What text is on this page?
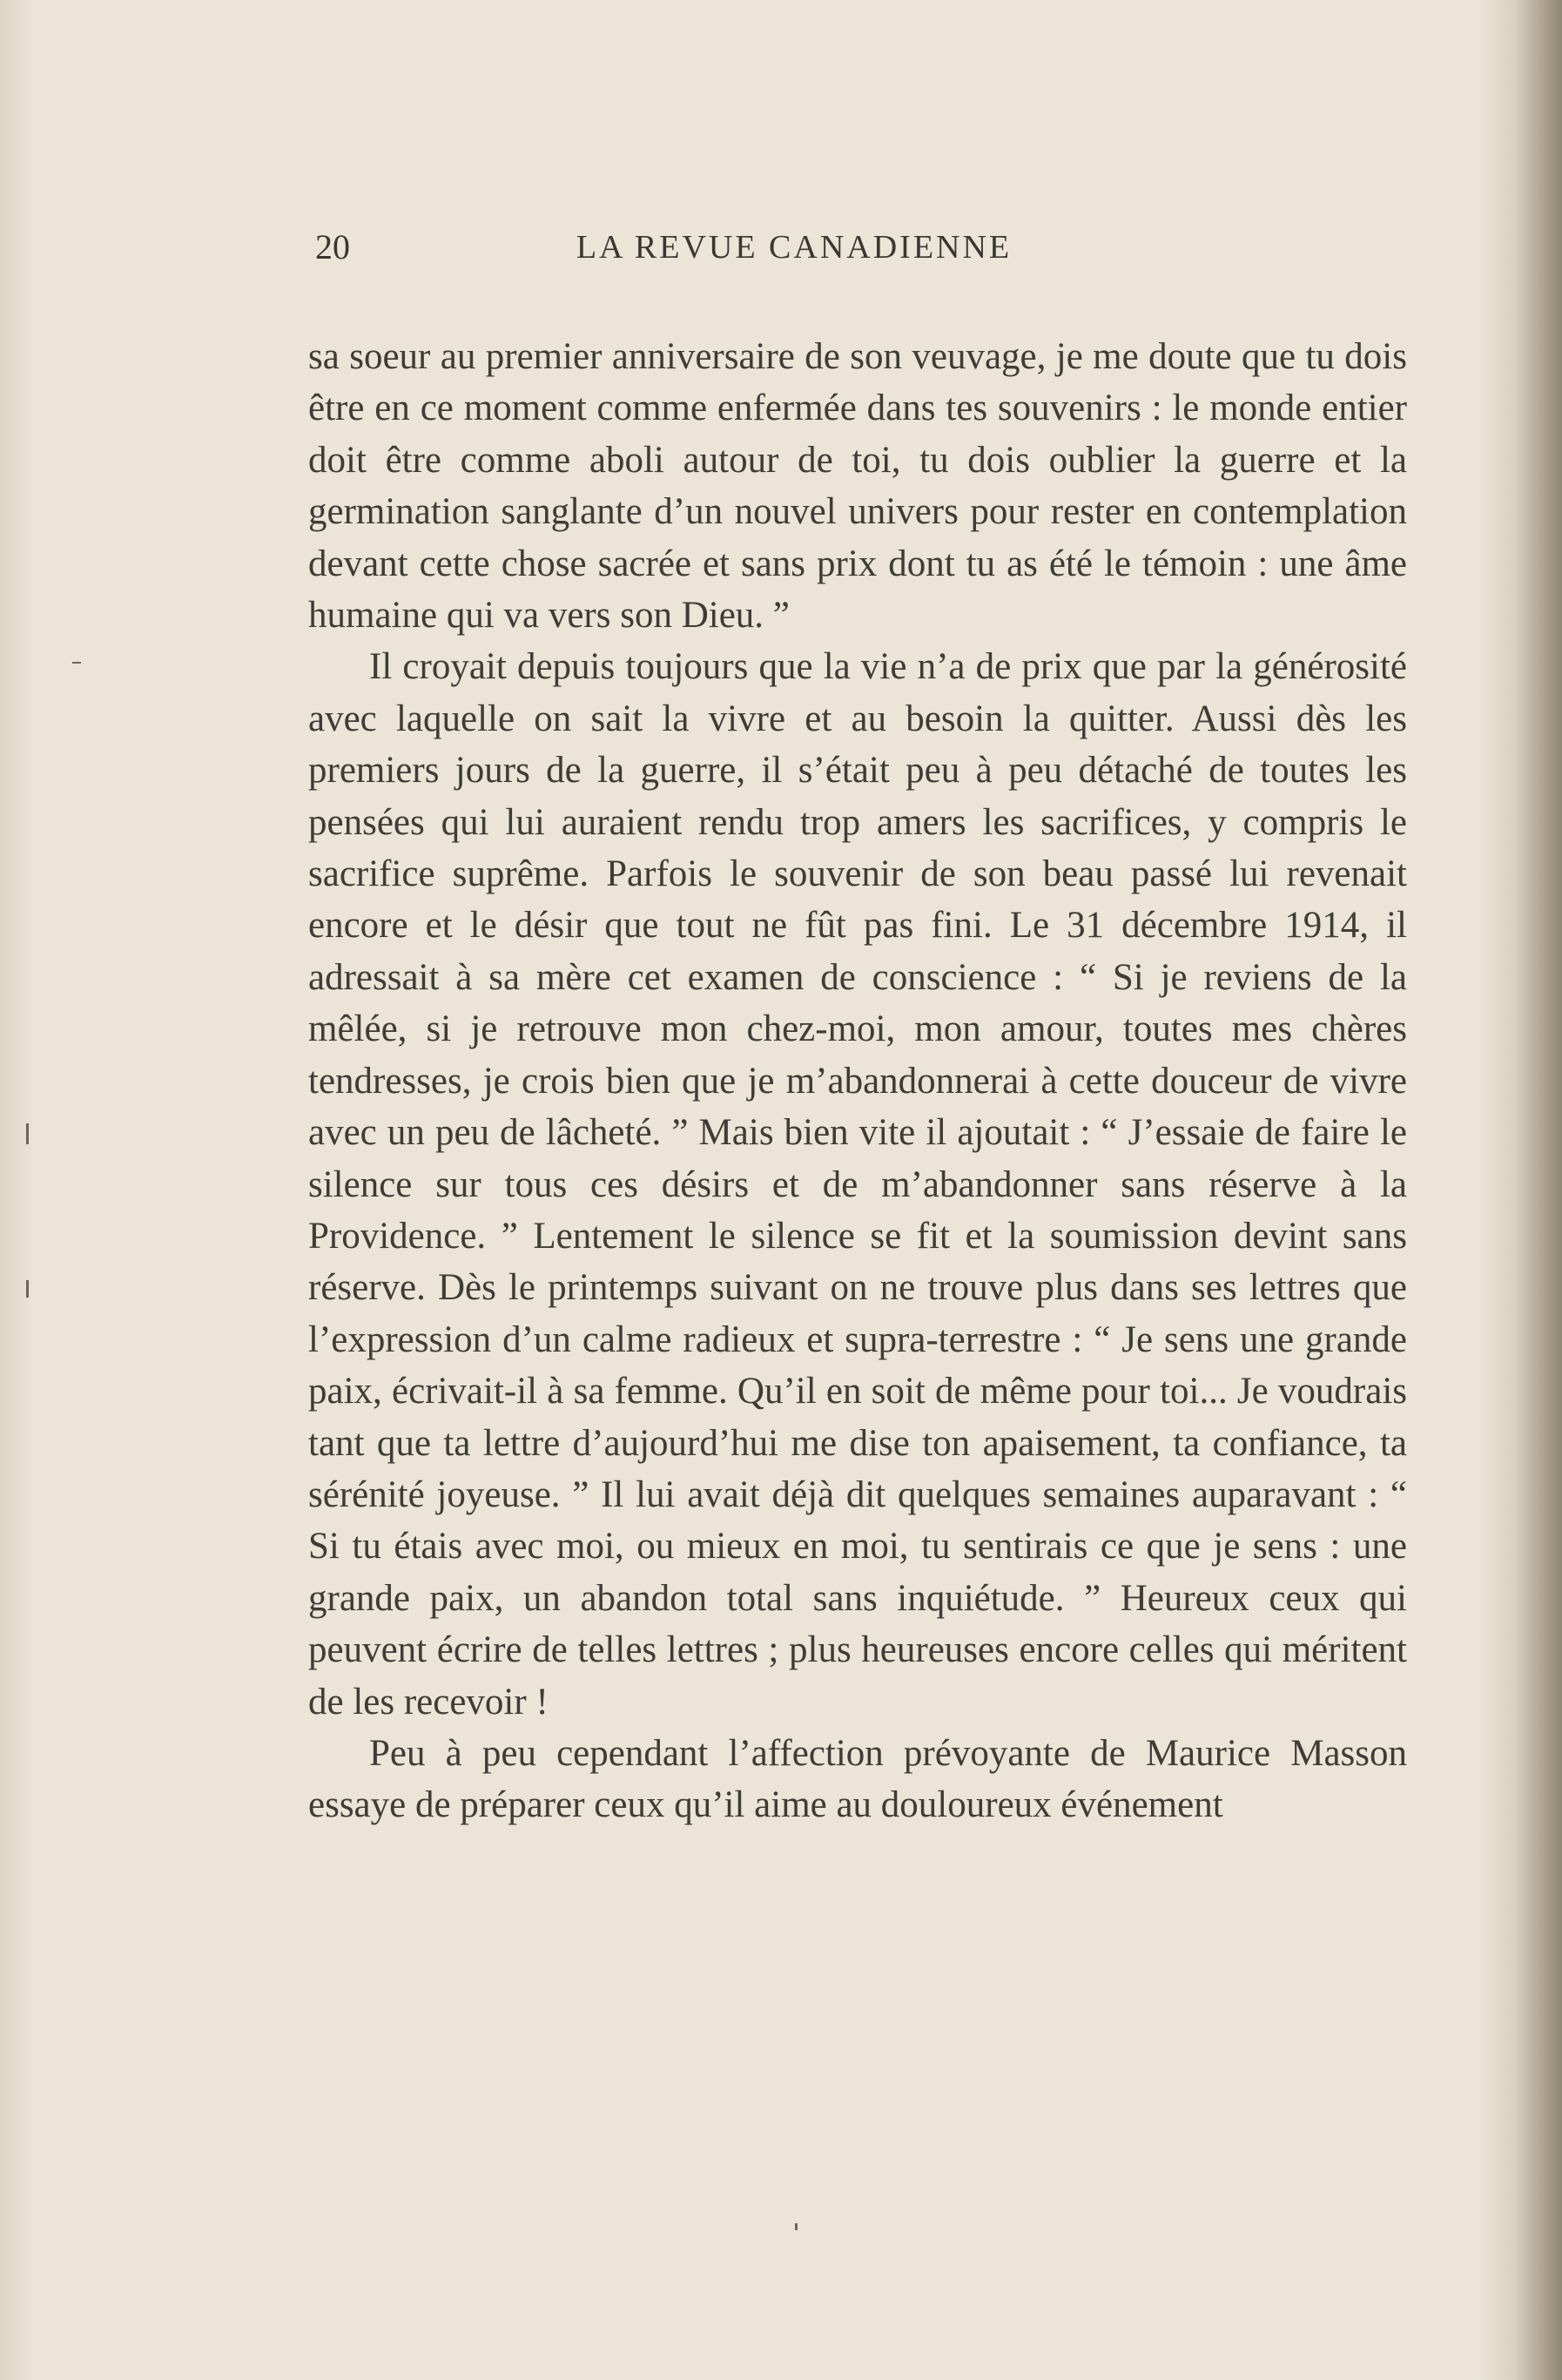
20	LA REVUE CANADIENNE

sa soeur au premier anniversaire de son veuvage, je me doute que tu dois être en ce moment comme enfermée dans tes souvenirs : le monde entier doit être comme aboli autour de toi, tu dois oublier la guerre et la germination sanglante d’un nouvel univers pour rester en contemplation devant cette chose sacrée et sans prix dont tu as été le témoin : une âme humaine qui va vers son Dieu. ”

Il croyait depuis toujours que la vie n’a de prix que par la générosité avec laquelle on sait la vivre et au besoin la quitter. Aussi dès les premiers jours de la guerre, il s’était peu à peu détaché de toutes les pensées qui lui auraient rendu trop amers les sacrifices, y compris le sacrifice suprême. Parfois le souvenir de son beau passé lui revenait encore et le désir que tout ne fût pas fini. Le 31 décembre 1914, il adressait à sa mère cet examen de conscience : “ Si je reviens de la mêlée, si je retrouve mon chez-moi, mon amour, toutes mes chères tendresses, je crois bien que je m’abandonnerai à cette douceur de vivre avec un peu de lâcheté. ” Mais bien vite il ajoutait : “ J’essaie de faire le silence sur tous ces désirs et de m’abandonner sans réserve à la Providence. ” Lentement le silence se fit et la soumission devint sans réserve. Dès le printemps suivant on ne trouve plus dans ses lettres que l’expression d’un calme radieux et supra-terrestre : “ Je sens une grande paix, écrivait-il à sa femme. Qu’il en soit de même pour toi... Je voudrais tant que ta lettre d’aujourd’hui me dise ton apaisement, ta confiance, ta sérénité joyeuse. ” Il lui avait déjà dit quelques semaines auparavant : “ Si tu étais avec moi, ou mieux en moi, tu sentirais ce que je sens : une grande paix, un abandon total sans inquiétude. ” Heureux ceux qui peuvent écrire de telles lettres ; plus heureuses encore celles qui méritent de les recevoir !

Peu à peu cependant l’affection prévoyante de Maurice Masson essaye de préparer ceux qu’il aime au douloureux événement
